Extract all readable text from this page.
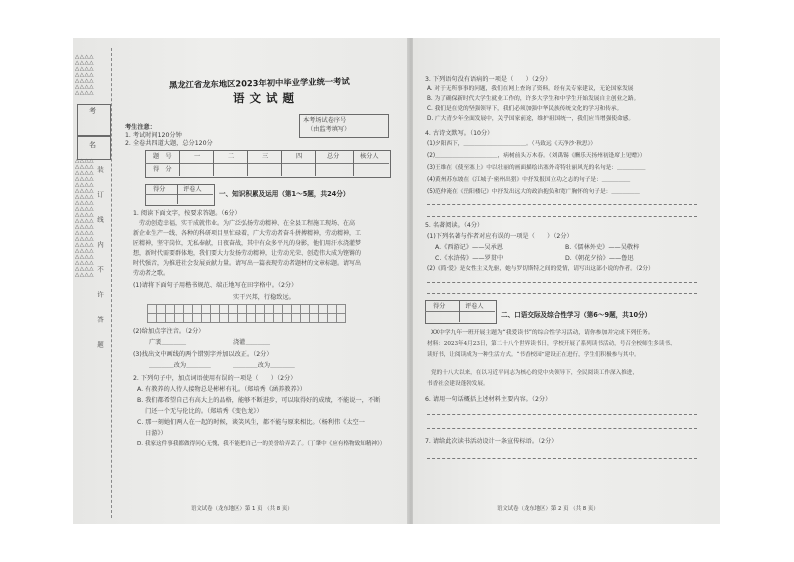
△△△△
△△△△
△△△△
△△△△
△△△△
△△△△
△△△△
△△△△
△△△△
△△△△
△△△△
△△△△
△△△△
△△△△
△△△△
△△△△
△△△△
△△△△
△△△△
△△△△
△△△△
△△△△
△△△△
△△△△
△△△△
△△△△
△△△△
考
名
装　订　线　内　不　许　答　题
黑龙江省龙东地区2023年初中毕业学业统一考试
语文试题
本考场试卷序号
（由监考填写）
考生注意：
1. 考试时间120分钟
2. 全卷共四道大题，总分120分
题　号	一	二	三	四	总分	核分人
得　分
得分	评卷人
一、知识积累及运用（第1～5题，共24分）
1. 阅读下面文字，按要求答题。（6分）
劳动创造幸福，实干成就伟业。为广泛弘扬劳动精神、在全县工程施工现场、在高
新企业生产一线、各种的科研项目里忙碌着，广大劳动者奋斗拼搏精神，劳动精神，工
匠精神，坚守岗位，无私奉献，日夜奋战，其中有众多平凡的身影，他们用汗水浇灌梦
想，新时代需要群体地，我们要大力发扬劳动精神，让劳动光荣、创造伟大成为铿锵的
时代强音，为推进社会发展贡献力量。请写出一篇表现劳动者题材的文章标题。请写出
劳动者之歌。
(1)请将下面句子用楷书规范、端正地写在田字格中。（2分）
实干兴邦，行稳致远。
(2)给加点字注音。（2分）
广袤＿＿＿＿	浇灌＿＿＿＿
(3)找出文中画线的两个错别字并加以改正。（2分）
＿＿＿＿改为＿＿＿＿	＿＿＿＿改为＿＿＿＿
2. 下列句子中，加点词语使用有误的一项是（　　）（2分）
A. 有教养的人待人接物总是彬彬有礼。（郑培秀《涵养教养》）
B. 我们都希望自己有高大上的品格，能够不断进步，可以取得好的成绩，不能说一，不断
　 门还一个无与伦比的。（郑培秀《变色龙》）
C. 那一刻她们两人在一起的时候，谈笑风生，都不能与原来相比。（杨利伟《太空一
　 日游》）
D. 我家这件事我都做得问心无愧，我不能把自己一的美誉给弄丢了。（丁肇中《应有格物致知精神》）
语文试卷（龙东地区）第 1 页 （共 8 页）
3. 下列语句没有语病的一项是（　　）（2分）
A. 对于无所事事的问题，我们在网上查询了资料。经有关专家建议，无论国家发展
B. 为了确保新时代大学生就业工作的，许多大学生和中学生开始发展自主创业之路。
C. 我们是在党的坚强领导下，我们必须加强中华民族传统文化的学习和传承。
D. 广大青少年全面发展中，关乎国家前途，维护祖国统一，我们应当增强使命感。
4. 古诗文默写。（10分）
(1)夕阳西下，＿＿＿＿＿＿＿＿＿＿＿。（马致远《天净沙·秋思》）
(2)＿＿＿＿＿＿＿＿＿＿＿，病树前头万木春。（刘禹锡《酬乐天扬州初逢席上见赠》）
(3)王维在《使至塞上》中以壮丽的画面描绘出塞外奇特壮丽风光的名句是：＿＿＿＿＿
(4)黄州苏东坡在《江城子·密州出猎》中抒发报国立功之志的句子是：＿＿＿＿＿
(5)范仲淹在《岳阳楼记》中抒发出远大的政治抱负和宽广胸怀的句子是：＿＿＿＿＿
5. 名著阅读。（4分）
(1)下列名著与作者对应有误的一项是（　　）（2分）
A.《西游记》——吴承恩	B.《儒林外史》——吴敬梓
C.《水浒传》——罗贯中	D.《朝花夕拾》——鲁迅
(2)《简·爱》是女性主义先驱，她与罗切斯特之间的爱情，请写出这部小说的作者。（2分）
得分	评卷人
二、口语交际及综合性学习（第6～9题，共10分）
XX中学九年一班开展主题为“我爱读书”的综合性学习活动，请你参加并完成下列任务。
材料：2023年4月23日，第二十八个世界读书日，学校开展了系列读书活动，号召全校师生多读书、
读好书，让阅读成为一种生活方式。“书香校园”建设正在进行，学生们积极参与其中。
党的十八大以来，在以习近平同志为核心的党中央领导下，全民阅读工作深入推进，
书香社会建设蓬勃发展。
6. 请用一句话概括上述材料主要内容。（2分）
7. 请给此次读书活动设计一条宣传标语。（2分）
语文试卷（龙东地区）第 2 页 （共 8 页）
